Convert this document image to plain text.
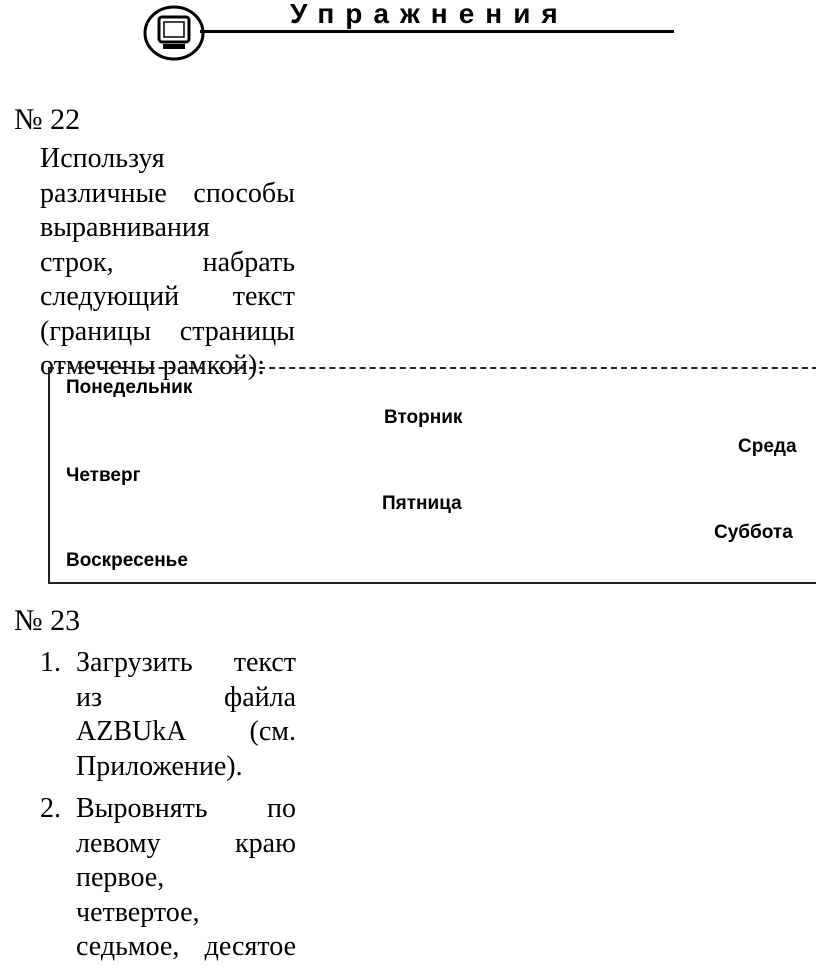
Упражнения
№ 22
Используя
различные способы
выравнивания
строк, набрать
следующий текст
(границы страницы
отмечены рамкой):
Понедельник
Вторник
Среда
Четверг
Пятница
Суббота
Воскресенье
№ 23
1. Загрузить текст
из файла
AZBUkA (см.
Приложение).
2. Выровнять по
левому краю
первое,
четвертое,
седьмое, десятое
